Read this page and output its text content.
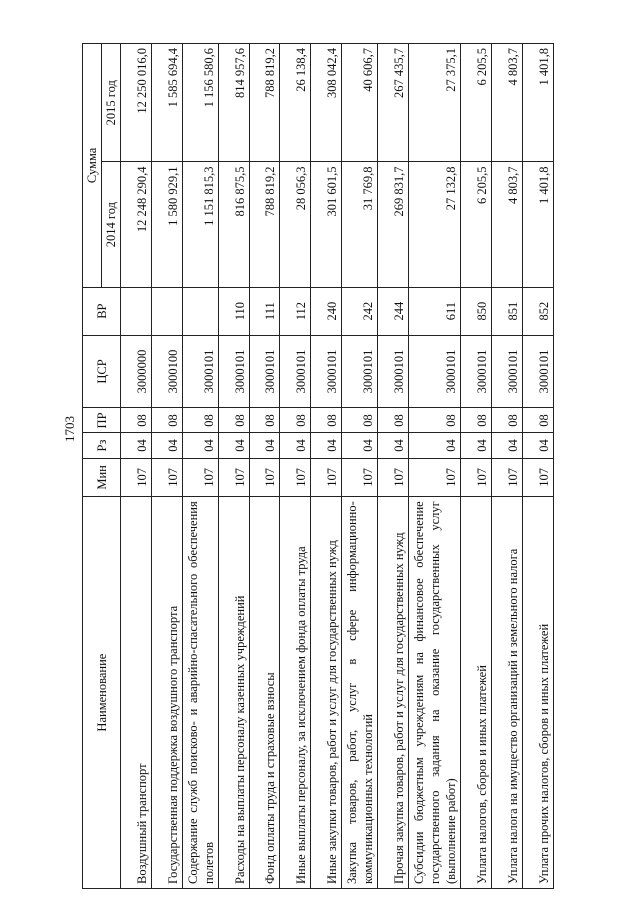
1703
Наименование	Мин	Рз	ПР	ЦСР	ВР	Сумма	
						2014 год	2015 год
Воздушный транспорт	107	04	08	3000000		12 248 290,4	12 250 016,0
Государственная поддержка воздушного транспорта	107	04	08	3000100		1 580 929,1	1 585 694,4
Содержание служб поисково- и аварийно-спасательного обеспечения полетов	107	04	08	3000101		1 151 815,3	1 156 580,6
Расходы на выплаты персоналу казенных учреждений	107	04	08	3000101	110	816 875,5	814 957,6
Фонд оплаты труда и страховые взносы	107	04	08	3000101	111	788 819,2	788 819,2
Иные выплаты персоналу, за исключением фонда оплаты труда	107	04	08	3000101	112	28 056,3	26 138,4
Иные закупки товаров, работ и услуг для государственных нужд	107	04	08	3000101	240	301 601,5	308 042,4
Закупка товаров, работ, услуг в сфере информационно-коммуникационных технологий	107	04	08	3000101	242	31 769,8	40 606,7
Прочая закупка товаров, работ и услуг для государственных нужд	107	04	08	3000101	244	269 831,7	267 435,7
Субсидии бюджетным учреждениям на финансовое обеспечение государственного задания на оказание государственных услуг (выполнение работ)	107	04	08	3000101	611	27 132,8	27 375,1
Уплата налогов, сборов и иных платежей	107	04	08	3000101	850	6 205,5	6 205,5
Уплата налога на имущество организаций и земельного налога	107	04	08	3000101	851	4 803,7	4 803,7
Уплата прочих налогов, сборов и иных платежей	107	04	08	3000101	852	1 401,8	1 401,8
